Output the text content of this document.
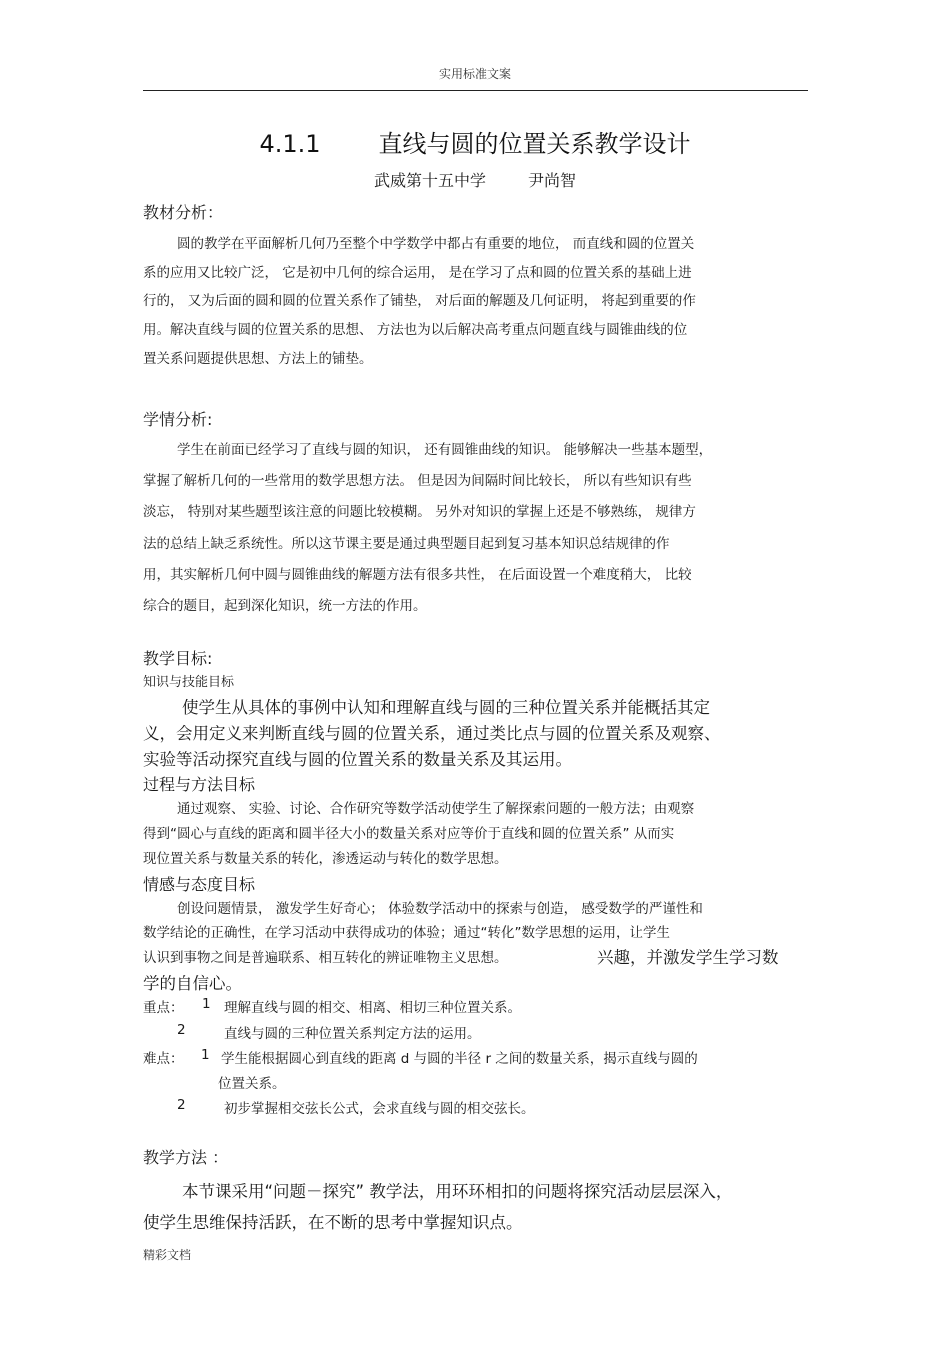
实用标准文案
4.1.1 直线与圆的位置关系教学设计
武威第十五中学	尹尚智
教材分析：
圆的教学在平面解析几何乃至整个中学数学中都占有重要的地位， 而直线和圆的位置关
系的应用又比较广泛， 它是初中几何的综合运用， 是在学习了点和圆的位置关系的基础上进
行的， 又为后面的圆和圆的位置关系作了铺垫， 对后面的解题及几何证明， 将起到重要的作
用。解决直线与圆的位置关系的思想、 方法也为以后解决高考重点问题直线与圆锥曲线的位
置关系问题提供思想、方法上的铺垫。
学情分析:
学生在前面已经学习了直线与圆的知识， 还有圆锥曲线的知识。 能够解决一些基本题型，
掌握了解析几何的一些常用的数学思想方法。 但是因为间隔时间比较长， 所以有些知识有些
淡忘， 特别对某些题型该注意的问题比较模糊。 另外对知识的掌握上还是不够熟练， 规律方
法的总结上缺乏系统性。所以这节课主要是通过典型题目起到复习基本知识总结规律的作
用，其实解析几何中圆与圆锥曲线的解题方法有很多共性， 在后面设置一个难度稍大， 比较
综合的题目，起到深化知识，统一方法的作用。
教学目标:
知识与技能目标
使学生从具体的事例中认知和理解直线与圆的三种位置关系并能概括其定
义，会用定义来判断直线与圆的位置关系，通过类比点与圆的位置关系及观察、
实验等活动探究直线与圆的位置关系的数量关系及其运用。
过程与方法目标
通过观察、 实验、讨论、合作研究等数学活动使学生了解探索问题的一般方法；由观察
得到“圆心与直线的距离和圆半径大小的数量关系对应等价于直线和圆的位置关系” 从而实
现位置关系与数量关系的转化，渗透运动与转化的数学思想。
情感与态度目标
创设问题情景， 激发学生好奇心； 体验数学活动中的探索与创造， 感受数学的严谨性和
数学结论的正确性，在学习活动中获得成功的体验；通过“转化”数学思想的运用，让学生
认识到事物之间是普遍联系、相互转化的辨证唯物主义思想。	兴趣，并激发学生学习数
学的自信心。
重点： 1 理解直线与圆的相交、相离、相切三种位置关系。
2	直线与圆的三种位置关系判定方法的运用。
难点： 1 学生能根据圆心到直线的距离 d 与圆的半径 r 之间的数量关系，揭示直线与圆的
位置关系。
2	初步掌握相交弦长公式，会求直线与圆的相交弦长。
教学方法 ：
本节课采用“问题－探究” 教学法，用环环相扣的问题将探究活动层层深入，
使学生思维保持活跃，在不断的思考中掌握知识点。
精彩文档
